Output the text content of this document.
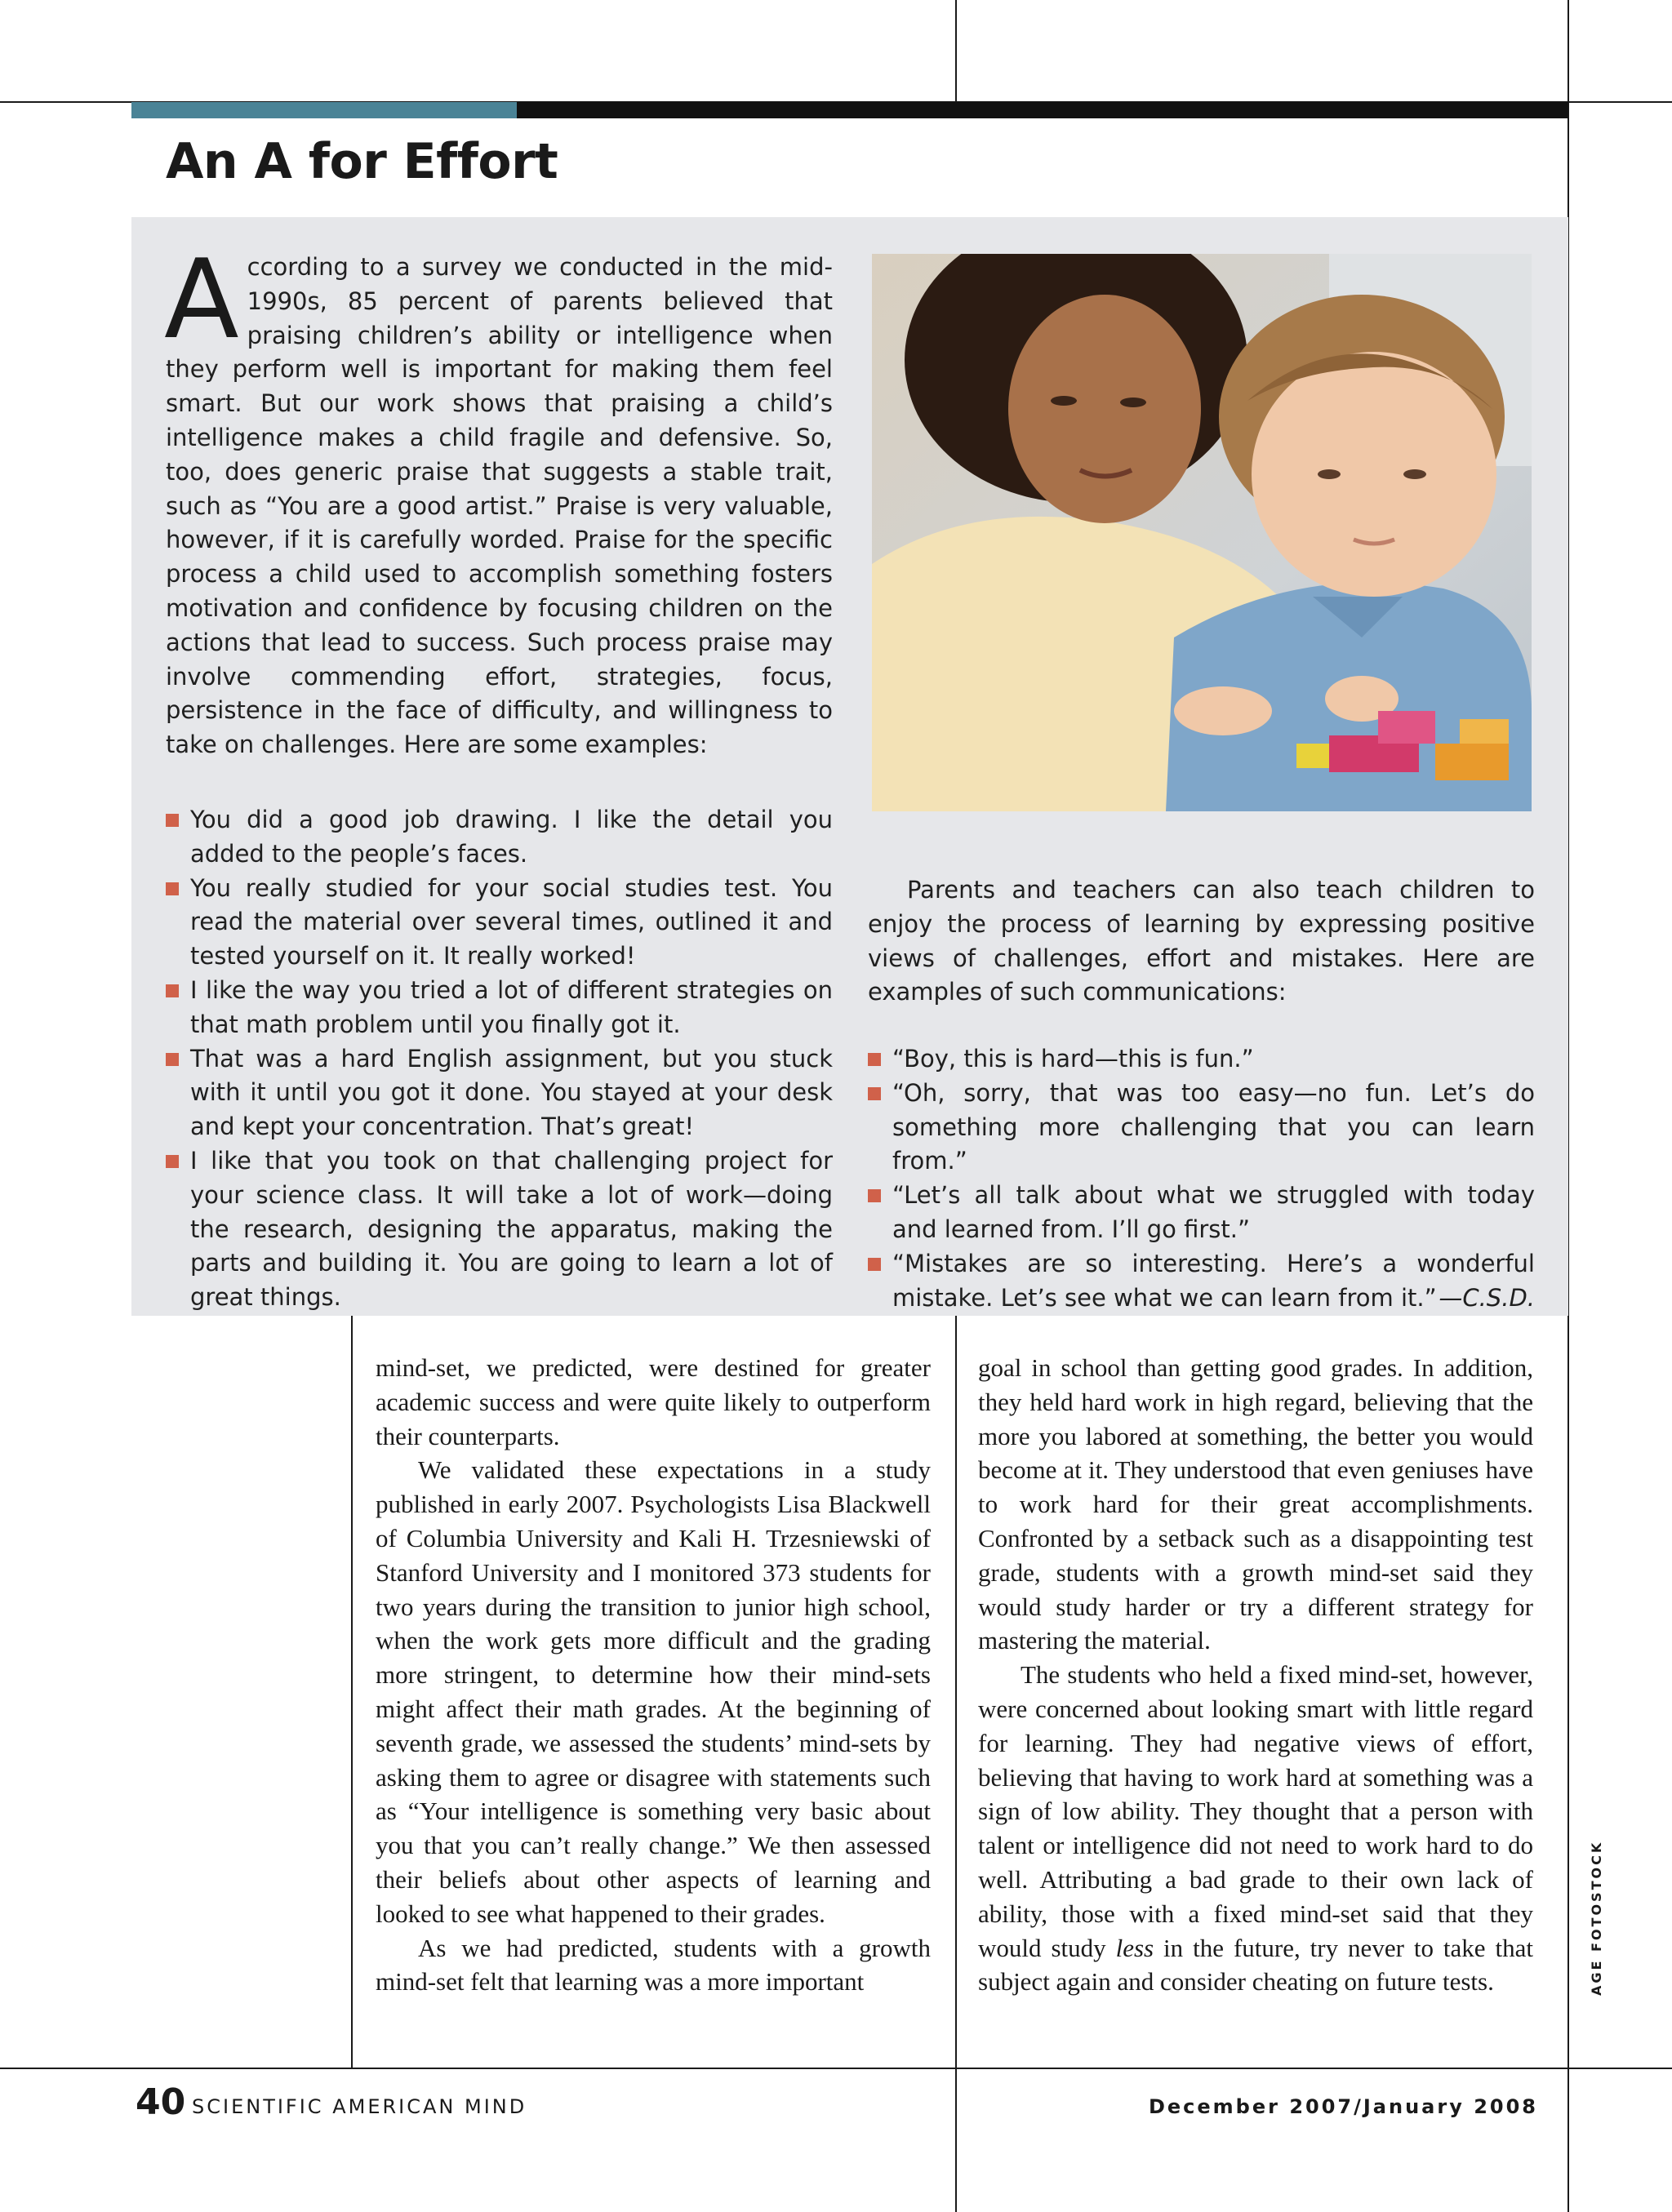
An A for Effort

According to a survey we conducted in the mid-1990s, 85 percent of parents believed that praising children’s ability or intelligence when they perform well is important for making them feel smart. But our work shows that praising a child’s intelligence makes a child fragile and defensive. So, too, does generic praise that suggests a stable trait, such as “You are a good artist.” Praise is very valuable, however, if it is carefully worded. Praise for the specific process a child used to accomplish something fosters motivation and confidence by focusing children on the actions that lead to success. Such process praise may involve commending effort, strategies, focus, persistence in the face of difficulty, and willingness to take on challenges. Here are some examples:

You did a good job drawing. I like the detail you added to the people’s faces.
You really studied for your social studies test. You read the material over several times, outlined it and tested yourself on it. It really worked!
I like the way you tried a lot of different strategies on that math problem until you finally got it.
That was a hard English assignment, but you stuck with it until you got it done. You stayed at your desk and kept your concentration. That’s great!
I like that you took on that challenging project for your science class. It will take a lot of work—doing the research, designing the apparatus, making the parts and building it. You are going to learn a lot of great things.

Parents and teachers can also teach children to enjoy the process of learning by expressing positive views of challenges, effort and mistakes. Here are examples of such communications:

“Boy, this is hard—this is fun.”
“Oh, sorry, that was too easy—no fun. Let’s do something more challenging that you can learn from.”
“Let’s all talk about what we struggled with today and learned from. I’ll go first.”
“Mistakes are so interesting. Here’s a wonderful mistake. Let’s see what we can learn from it.” —C.S.D.

mind-set, we predicted, were destined for greater academic success and were quite likely to outperform their counterparts.

We validated these expectations in a study published in early 2007. Psychologists Lisa Blackwell of Columbia University and Kali H. Trzesniewski of Stanford University and I monitored 373 students for two years during the transition to junior high school, when the work gets more difficult and the grading more stringent, to determine how their mind-sets might affect their math grades. At the beginning of seventh grade, we assessed the students’ mind-sets by asking them to agree or disagree with statements such as “Your intelligence is something very basic about you that you can’t really change.” We then assessed their beliefs about other aspects of learning and looked to see what happened to their grades.

As we had predicted, students with a growth mind-set felt that learning was a more important

goal in school than getting good grades. In addition, they held hard work in high regard, believing that the more you labored at something, the better you would become at it. They understood that even geniuses have to work hard for their great accomplishments. Confronted by a setback such as a disappointing test grade, students with a growth mind-set said they would study harder or try a different strategy for mastering the material.

The students who held a fixed mind-set, however, were concerned about looking smart with little regard for learning. They had negative views of effort, believing that having to work hard at something was a sign of low ability. They thought that a person with talent or intelligence did not need to work hard to do well. Attributing a bad grade to their own lack of ability, those with a fixed mind-set said that they would study less in the future, try never to take that subject again and consider cheating on future tests.	AGE FOTOSTOCK
40 SCIENTIFIC AMERICAN MIND	December 2007/January 2008
